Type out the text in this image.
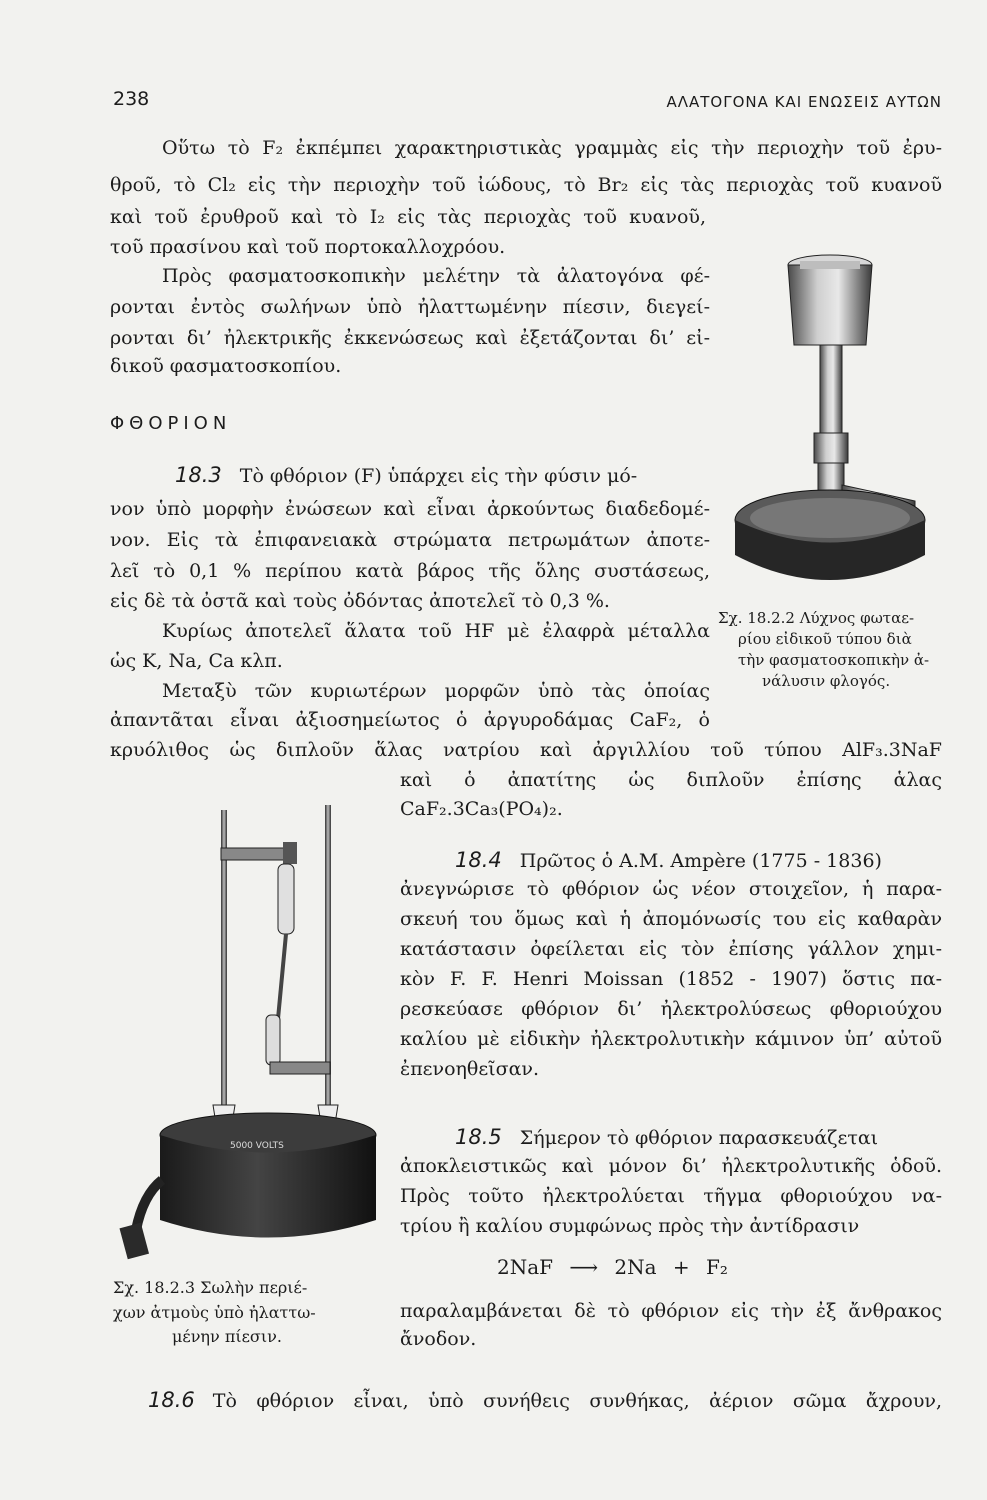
238	ΑΛΑΤΟΓΟΝΑ ΚΑΙ ΕΝΩΣΕΙΣ ΑΥΤΩΝ
Οὕτω τὸ F₂ ἐκπέμπει χαρακτηριστικὰς γραμμὰς εἰς τὴν περιοχὴν τοῦ ἐρυ-
θροῦ, τὸ Cl₂ εἰς τὴν περιοχὴν τοῦ ἰώδους, τὸ Br₂ εἰς τὰς περιοχὰς τοῦ κυανοῦ
καὶ τοῦ ἐρυθροῦ καὶ τὸ I₂ εἰς τὰς περιοχὰς τοῦ κυανοῦ,
τοῦ πρασίνου καὶ τοῦ πορτοκαλλοχρόου.
Πρὸς φασματοσκοπικὴν μελέτην τὰ ἀλατογόνα φέ-
ρονται ἐντὸς σωλήνων ὑπὸ ἠλαττωμένην πίεσιν, διεγεί-
ρονται δι’ ἠλεκτρικῆς ἐκκενώσεως καὶ ἐξετάζονται δι’ εἰ-
δικοῦ φασματοσκοπίου.
ΦΘΟΡΙΟΝ
18.3 Τὸ φθόριον (F) ὑπάρχει εἰς τὴν φύσιν μό-
νον ὑπὸ μορφὴν ἐνώσεων καὶ εἶναι ἀρκούντως διαδεδομέ-
νον. Εἰς τὰ ἐπιφανειακὰ στρώματα πετρωμάτων ἀποτε-
λεῖ τὸ 0,1 % περίπου κατὰ βάρος τῆς ὅλης συστάσεως,
εἰς δὲ τὰ ὀστᾶ καὶ τοὺς ὀδόντας ἀποτελεῖ τὸ 0,3 %.
Κυρίως ἀποτελεῖ ἅλατα τοῦ HF μὲ ἐλαφρὰ μέταλλα
ὡς K, Na, Ca κλπ.
Μεταξὺ τῶν κυριωτέρων μορφῶν ὑπὸ τὰς ὁποίας
ἀπαντᾶται εἶναι ἀξιοσημείωτος ὁ ἀργυροδάμας CaF₂, ὁ
κρυόλιθος ὡς διπλοῦν ἅλας νατρίου καὶ ἀργιλλίου τοῦ τύπου AlF₃.3NaF
καὶ ὁ ἀπατίτης ὡς διπλοῦν ἐπίσης ἁλας
CaF₂.3Ca₃(PO₄)₂.
Σχ. 18.2.2 Λύχνος φωταε-
ρίου εἰδικοῦ τύπου διὰ
τὴν φασματοσκοπικὴν ἀ-
νάλυσιν φλογός.
5000 VOLTS
Σχ. 18.2.3 Σωλὴν περιέ-
χων ἀτμοὺς ὑπὸ ἠλαττω-
μένην πίεσιν.
18.4 Πρῶτος ὁ A.M. Ampère (1775 - 1836)
ἀνεγνώρισε τὸ φθόριον ὡς νέον στοιχεῖον, ἡ παρα-
σκευή του ὅμως καὶ ἡ ἀπομόνωσίς του εἰς καθαρὰν
κατάστασιν ὀφείλεται εἰς τὸν ἐπίσης γάλλον χημι-
κὸν F. F. Henri Moissan (1852 - 1907) ὅστις πα-
ρεσκεύασε φθόριον δι’ ἠλεκτρολύσεως φθοριούχου
καλίου μὲ εἰδικὴν ἠλεκτρολυτικὴν κάμινον ὑπ’ αὐτοῦ
ἐπενοηθεῖσαν.
18.5 Σήμερον τὸ φθόριον παρασκευάζεται
ἀποκλειστικῶς καὶ μόνον δι’ ἠλεκτρολυτικῆς ὁδοῦ.
Πρὸς τοῦτο ἠλεκτρολύεται τῆγμα φθοριούχου να-
τρίου ἢ καλίου συμφώνως πρὸς τὴν ἀντίδρασιν
2NaF ⟶ 2Na + F₂
παραλαμβάνεται δὲ τὸ φθόριον εἰς τὴν ἐξ ἄνθρακος
ἄνοδον.
18.6 Τὸ φθόριον εἶναι, ὑπὸ συνήθεις συνθήκας, ἀέριον σῶμα ἄχρουν,
